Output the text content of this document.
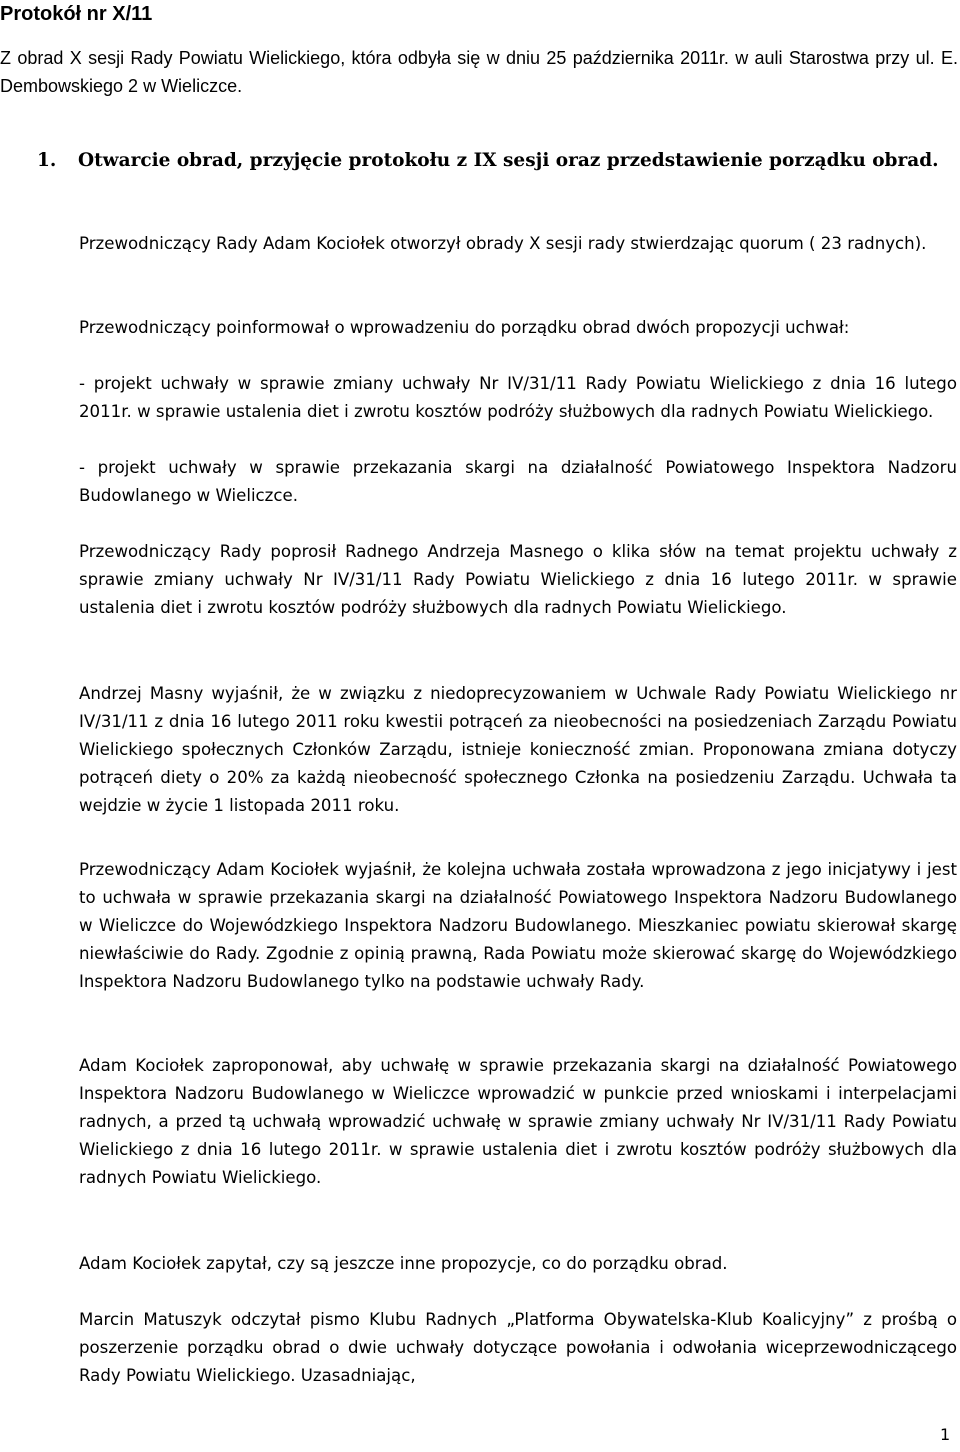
Protokół nr X/11

Z obrad X sesji Rady Powiatu Wielickiego, która odbyła się w dniu 25 października 2011r. w auli Starostwa przy ul. E. Dembowskiego 2 w Wieliczce.

1.	Otwarcie obrad, przyjęcie protokołu z IX sesji oraz przedstawienie porządku obrad.

Przewodniczący Rady Adam Kociołek otworzył obrady X sesji rady stwierdzając quorum ( 23 radnych).

Przewodniczący poinformował o wprowadzeniu do porządku obrad dwóch propozycji uchwał:

- projekt uchwały w sprawie zmiany uchwały Nr IV/31/11 Rady Powiatu Wielickiego z dnia 16 lutego 2011r. w sprawie ustalenia diet i zwrotu kosztów podróży służbowych dla radnych Powiatu Wielickiego.

- projekt uchwały w sprawie przekazania skargi na działalność Powiatowego Inspektora Nadzoru Budowlanego w Wieliczce.

Przewodniczący Rady poprosił Radnego Andrzeja Masnego o klika słów na temat projektu uchwały z sprawie zmiany uchwały Nr IV/31/11 Rady Powiatu Wielickiego z dnia 16 lutego 2011r. w sprawie ustalenia diet i zwrotu kosztów podróży służbowych dla radnych Powiatu Wielickiego.

Andrzej Masny wyjaśnił, że w związku z niedoprecyzowaniem w Uchwale Rady Powiatu Wielickiego nr IV/31/11 z dnia 16 lutego 2011 roku kwestii potrąceń za nieobecności na posiedzeniach Zarządu Powiatu Wielickiego społecznych Członków Zarządu, istnieje konieczność zmian. Proponowana zmiana dotyczy potrąceń diety o 20% za każdą nieobecność społecznego Członka na posiedzeniu Zarządu. Uchwała ta wejdzie w życie 1 listopada 2011 roku.

Przewodniczący Adam Kociołek wyjaśnił, że kolejna uchwała została wprowadzona z jego inicjatywy i jest to uchwała w sprawie przekazania skargi na działalność Powiatowego Inspektora Nadzoru Budowlanego w Wieliczce do Wojewódzkiego Inspektora Nadzoru Budowlanego. Mieszkaniec powiatu skierował skargę niewłaściwie do Rady. Zgodnie z opinią prawną, Rada Powiatu może skierować skargę do Wojewódzkiego Inspektora Nadzoru Budowlanego tylko na podstawie uchwały Rady.

Adam Kociołek zaproponował, aby uchwałę w sprawie przekazania skargi na działalność Powiatowego Inspektora Nadzoru Budowlanego w Wieliczce wprowadzić w punkcie przed wnioskami i interpelacjami radnych, a przed tą uchwałą wprowadzić uchwałę w sprawie zmiany uchwały Nr IV/31/11 Rady Powiatu Wielickiego z dnia 16 lutego 2011r. w sprawie ustalenia diet i zwrotu kosztów podróży służbowych dla radnych Powiatu Wielickiego.

Adam Kociołek zapytał, czy są jeszcze inne propozycje, co do porządku obrad.

Marcin Matuszyk odczytał pismo Klubu Radnych „Platforma Obywatelska-Klub Koalicyjny” z prośbą o poszerzenie porządku obrad o dwie uchwały dotyczące powołania i odwołania wiceprzewodniczącego Rady Powiatu Wielickiego. Uzasadniając,

1
